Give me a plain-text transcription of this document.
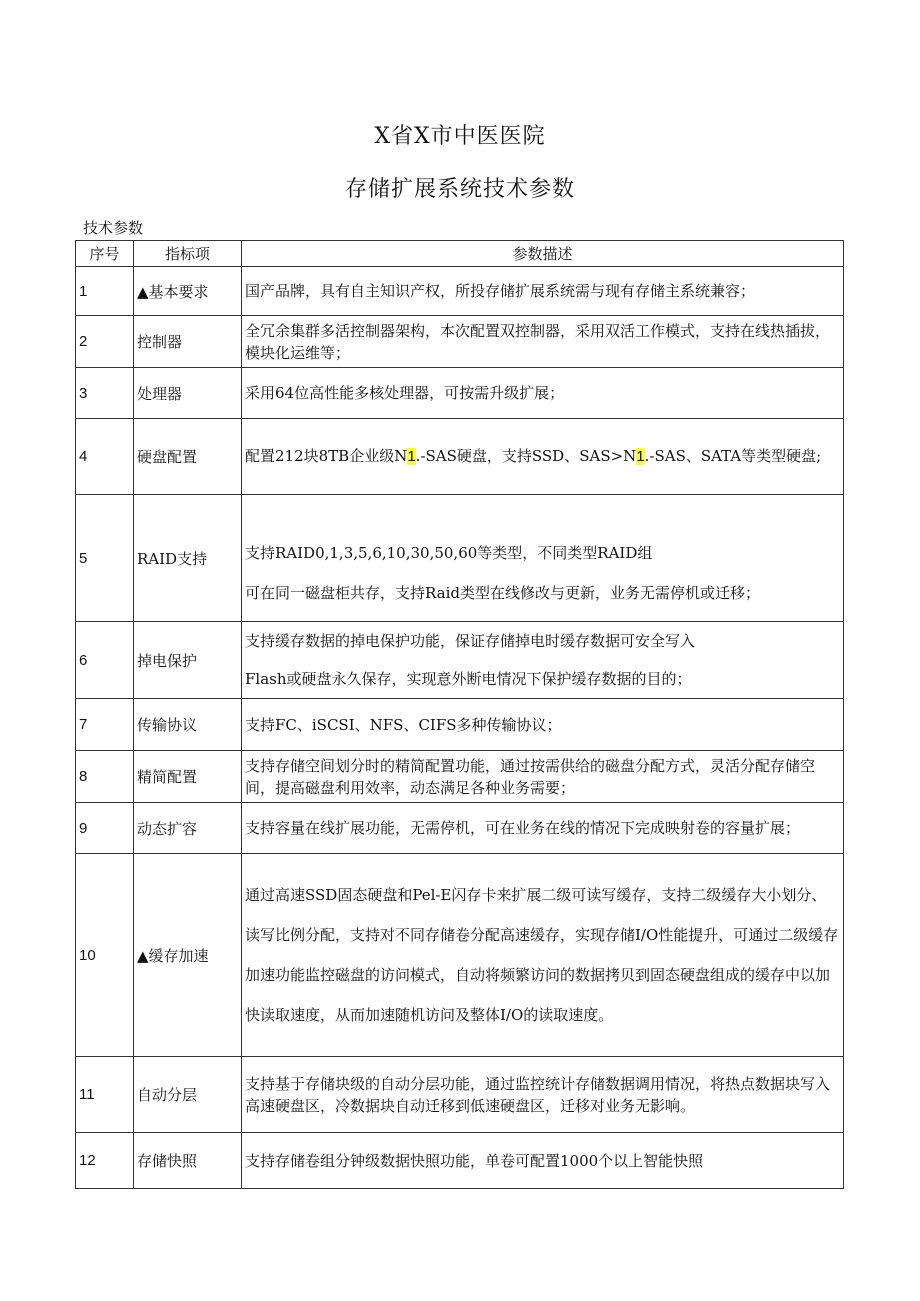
X省X市中医医院
存储扩展系统技术参数
技术参数
序号	指标项	参数描述
1	▲基本要求	国产品牌，具有自主知识产权，所投存储扩展系统需与现有存储主系统兼容；
2	控制器	全冗余集群多活控制器架构，本次配置双控制器，采用双活工作模式，支持在线热插拔，模块化运维等；
3	处理器	采用64位高性能多核处理器，可按需升级扩展；
4	硬盘配置	配置212块8TB企业级N1.-SAS硬盘，支持SSD、SAS>N1.-SAS、SATA等类型硬盘;
5	RAID支持	支持RAID0,1,3,5,6,10,30,50,60等类型，不同类型RAID组

可在同一磁盘柜共存，支持Raid类型在线修改与更新，业务无需停机或迁移；

6	掉电保护	支持缓存数据的掉电保护功能，保证存储掉电时缓存数据可安全写入

Flash或硬盘永久保存，实现意外断电情况下保护缓存数据的目的；

7	传输协议	支持FC、iSCSI、NFS、CIFS多种传输协议；
8	精简配置	支持存储空间划分时的精简配置功能，通过按需供给的磁盘分配方式，灵活分配存储空间，提高磁盘利用效率，动态满足各种业务需要；
9	动态扩容	支持容量在线扩展功能，无需停机，可在业务在线的情况下完成映射卷的容量扩展；
10	▲缓存加速	通过高速SSD固态硬盘和Pel-E闪存卡来扩展二级可读写缓存，支持二级缓存大小划分、读写比例分配，支持对不同存储卷分配高速缓存，实现存储I/O性能提升，可通过二级缓存加速功能监控磁盘的访问模式，自动将频繁访问的数据拷贝到固态硬盘组成的缓存中以加快读取速度，从而加速随机访问及整体I/O的读取速度。
11	自动分层	支持基于存储块级的自动分层功能，通过监控统计存储数据调用情况，将热点数据块写入高速硬盘区，冷数据块自动迁移到低速硬盘区，迁移对业务无影响。
12	存储快照	支持存储卷组分钟级数据快照功能，单卷可配置1000个以上智能快照
